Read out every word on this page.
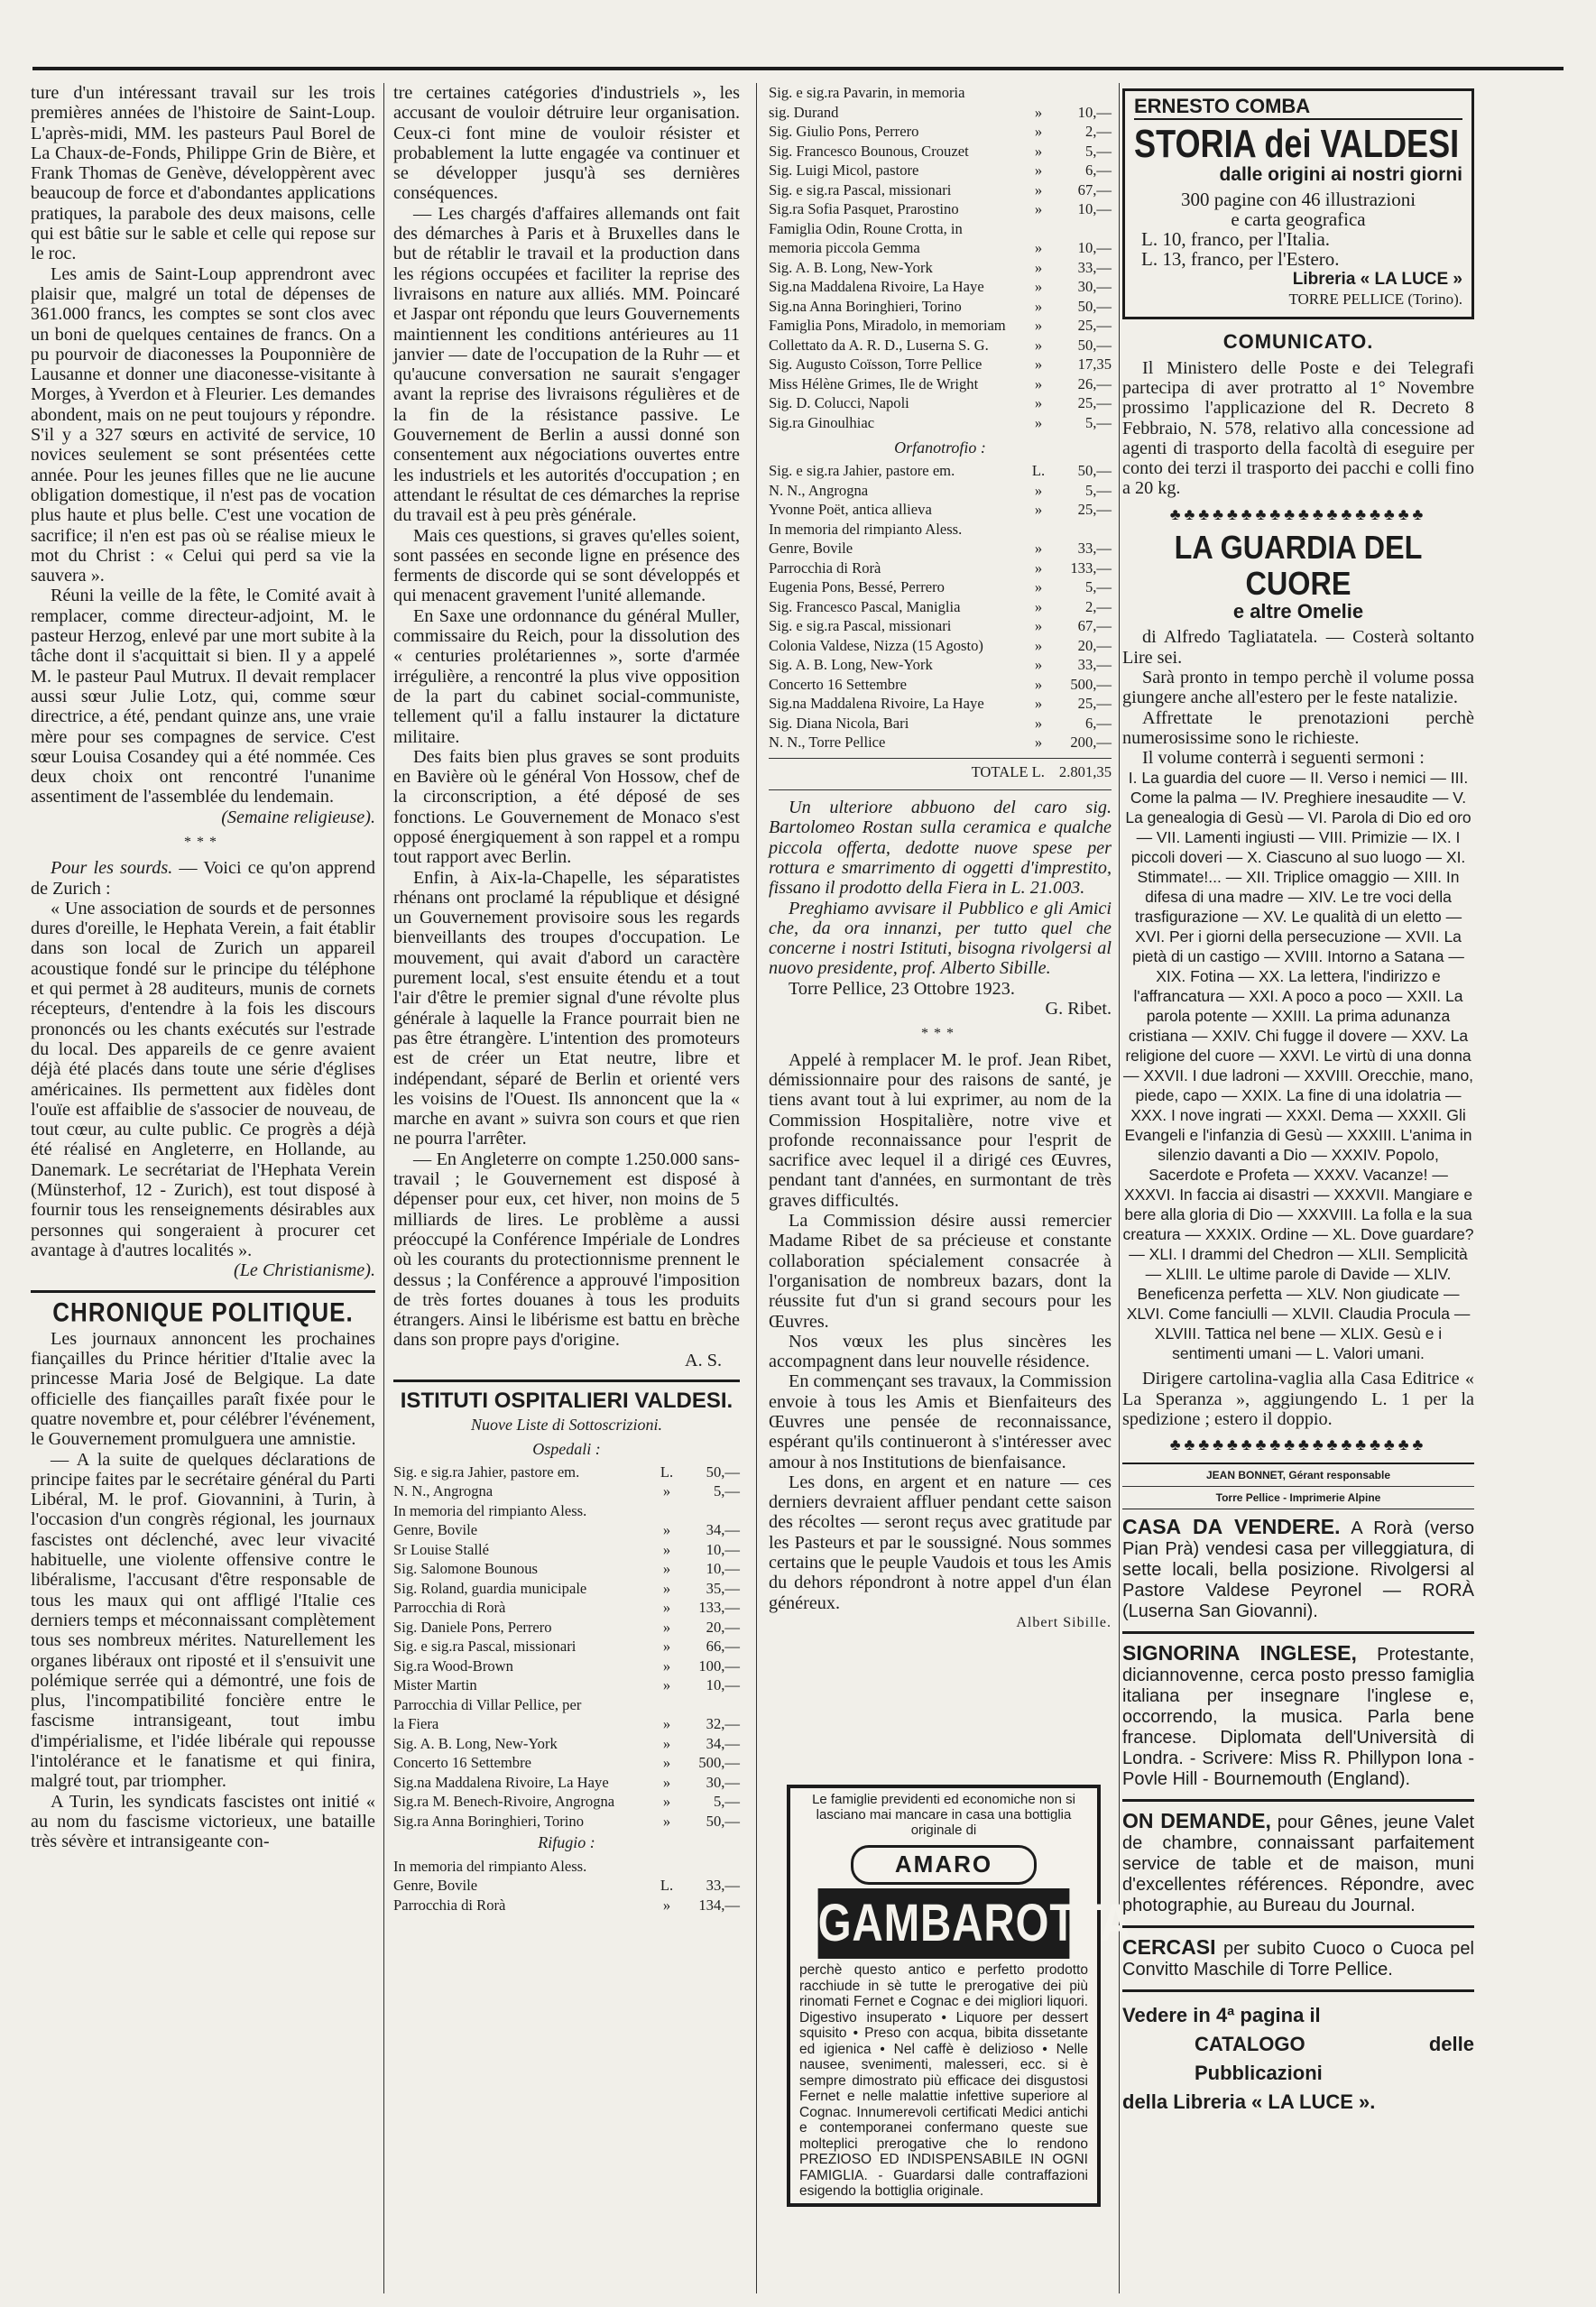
ture d'un intéressant travail sur les trois premières années de l'histoire de Saint-Loup. L'après-midi, MM. les pasteurs Paul Borel de La Chaux-de-Fonds, Philippe Grin de Bière, et Frank Thomas de Genève, développèrent avec beaucoup de force et d'abondantes applications pratiques, la parabole des deux maisons, celle qui est bâtie sur le sable et celle qui repose sur le roc.

Les amis de Saint-Loup apprendront avec plaisir que, malgré un total de dépenses de 361.000 francs, les comptes se sont clos avec un boni de quelques centaines de francs. On a pu pourvoir de diaconesses la Pouponnière de Lausanne et donner une diaconesse-visitante à Morges, à Yverdon et à Fleurier. Les demandes abondent, mais on ne peut toujours y répondre. S'il y a 327 sœurs en activité de service, 10 novices seulement se sont présentées cette année. Pour les jeunes filles que ne lie aucune obligation domestique, il n'est pas de vocation plus haute et plus belle. C'est une vocation de sacrifice; il n'en est pas où se réalise mieux le mot du Christ : « Celui qui perd sa vie la sauvera ».

Réuni la veille de la fête, le Comité avait à remplacer, comme directeur-adjoint, M. le pasteur Herzog, enlevé par une mort subite à la tâche dont il s'acquittait si bien. Il y a appelé M. le pasteur Paul Mutrux. Il devait remplacer aussi sœur Julie Lotz, qui, comme sœur directrice, a été, pendant quinze ans, une vraie mère pour ses compagnes de service. C'est sœur Louisa Cosandey qui a été nommée. Ces deux choix ont rencontré l'unanime assentiment de l'assemblée du lendemain.

(Semaine religieuse).
***

Pour les sourds. — Voici ce qu'on apprend de Zurich :

« Une association de sourds et de personnes dures d'oreille, le Hephata Verein, a fait établir dans son local de Zurich un appareil acoustique fondé sur le principe du téléphone et qui permet à 28 auditeurs, munis de cornets récepteurs, d'entendre à la fois les discours prononcés ou les chants exécutés sur l'estrade du local. Des appareils de ce genre avaient déjà été placés dans toute une série d'églises américaines. Ils permettent aux fidèles dont l'ouïe est affaiblie de s'associer de nouveau, de tout cœur, au culte public. Ce progrès a déjà été réalisé en Angleterre, en Hollande, au Danemark. Le secrétariat de l'Hephata Verein (Münsterhof, 12 - Zurich), est tout disposé à fournir tous les renseignements désirables aux personnes qui songeraient à procurer cet avantage à d'autres localités ».

(Le Christianisme).
CHRONIQUE POLITIQUE.

Les journaux annoncent les prochaines fiançailles du Prince héritier d'Italie avec la princesse Maria José de Belgique. La date officielle des fiançailles paraît fixée pour le quatre novembre et, pour célébrer l'événement, le Gouvernement promulguera une amnistie.

— A la suite de quelques déclarations de principe faites par le secrétaire général du Parti Libéral, M. le prof. Giovannini, à Turin, à l'occasion d'un congrès régional, les journaux fascistes ont déclenché, avec leur vivacité habituelle, une violente offensive contre le libéralisme, l'accusant d'être responsable de tous les maux qui ont affligé l'Italie ces derniers temps et méconnaissant complètement tous ses nombreux mérites. Naturellement les organes libéraux ont riposté et il s'ensuivit une polémique serrée qui a démontré, une fois de plus, l'incompatibilité foncière entre le fascisme intransigeant, tout imbu d'impérialisme, et l'idée libérale qui repousse l'intolérance et le fanatisme et qui finira, malgré tout, par triompher.

A Turin, les syndicats fascistes ont initié « au nom du fascisme victorieux, une bataille très sévère et intransigeante con-

tre certaines catégories d'industriels », les accusant de vouloir détruire leur organisation. Ceux-ci font mine de vouloir résister et probablement la lutte engagée va continuer et se développer jusqu'à ses dernières conséquences.

— Les chargés d'affaires allemands ont fait des démarches à Paris et à Bruxelles dans le but de rétablir le travail et la production dans les régions occupées et faciliter la reprise des livraisons en nature aux alliés. MM. Poincaré et Jaspar ont répondu que leurs Gouvernements maintiennent les conditions antérieures au 11 janvier — date de l'occupation de la Ruhr — et qu'aucune conversation ne saurait s'engager avant la reprise des livraisons régulières et de la fin de la résistance passive. Le Gouvernement de Berlin a aussi donné son consentement aux négociations ouvertes entre les industriels et les autorités d'occupation ; en attendant le résultat de ces démarches la reprise du travail est à peu près générale.

Mais ces questions, si graves qu'elles soient, sont passées en seconde ligne en présence des ferments de discorde qui se sont développés et qui menacent gravement l'unité allemande.

En Saxe une ordonnance du général Muller, commissaire du Reich, pour la dissolution des « centuries prolétariennes », sorte d'armée irrégulière, a rencontré la plus vive opposition de la part du cabinet social-communiste, tellement qu'il a fallu instaurer la dictature militaire.

Des faits bien plus graves se sont produits en Bavière où le général Von Hossow, chef de la circonscription, a été déposé de ses fonctions. Le Gouvernement de Monaco s'est opposé énergiquement à son rappel et a rompu tout rapport avec Berlin.

Enfin, à Aix-la-Chapelle, les séparatistes rhénans ont proclamé la république et désigné un Gouvernement provisoire sous les regards bienveillants des troupes d'occupation. Le mouvement, qui avait d'abord un caractère purement local, s'est ensuite étendu et a tout l'air d'être le premier signal d'une révolte plus générale à laquelle la France pourrait bien ne pas être étrangère. L'intention des promoteurs est de créer un Etat neutre, libre et indépendant, séparé de Berlin et orienté vers les voisins de l'Ouest. Ils annoncent que la « marche en avant » suivra son cours et que rien ne pourra l'arrêter.

— En Angleterre on compte 1.250.000 sans-travail ; le Gouvernement est disposé à dépenser pour eux, cet hiver, non moins de 5 milliards de lires. Le problème a aussi préoccupé la Conférence Impériale de Londres où les courants du protectionnisme prennent le dessus ; la Conférence a approuvé l'imposition de très fortes douanes à tous les produits étrangers. Ainsi le libérisme est battu en brèche dans son propre pays d'origine.

A. S.
ISTITUTI OSPITALIERI VALDESI.
Nuove Liste di Sottoscrizioni.
Ospedali :
Sig. e sig.ra Jahier, pastore em.	L.	50,—
N. N., Angrogna	»	5,—
In memoria del rimpianto Aless.
Genre, Bovile	»	34,—
Sr Louise Stallé	»	10,—
Sig. Salomone Bounous	»	10,—
Sig. Roland, guardia municipale	»	35,—
Parrocchia di Rorà	»	133,—
Sig. Daniele Pons, Perrero	»	20,—
Sig. e sig.ra Pascal, missionari	»	66,—
Sig.ra Wood-Brown	»	100,—
Mister Martin	»	10,—
Parrocchia di Villar Pellice, per
la Fiera	»	32,—
Sig. A. B. Long, New-York	»	34,—
Concerto 16 Settembre	»	500,—
Sig.na Maddalena Rivoire, La Haye	»	30,—
Sig.ra M. Benech-Rivoire, Angrogna	»	5,—
Sig.ra Anna Boringhieri, Torino	»	50,—
Rifugio :
In memoria del rimpianto Aless.
Genre, Bovile	L.	33,—
Parrocchia di Rorà	»	134,—
Sig. e sig.ra Pavarin, in memoria
sig. Durand	»	10,—
Sig. Giulio Pons, Perrero	»	2,—
Sig. Francesco Bounous, Crouzet	»	5,—
Sig. Luigi Micol, pastore	»	6,—
Sig. e sig.ra Pascal, missionari	»	67,—
Sig.ra Sofia Pasquet, Prarostino	»	10,—
Famiglia Odin, Roune Crotta, in
memoria piccola Gemma	»	10,—
Sig. A. B. Long, New-York	»	33,—
Sig.na Maddalena Rivoire, La Haye	»	30,—
Sig.na Anna Boringhieri, Torino	»	50,—
Famiglia Pons, Miradolo, in memoriam	»	25,—
Collettato da A. R. D., Luserna S. G.	»	50,—
Sig. Augusto Coïsson, Torre Pellice	»	17,35
Miss Hélène Grimes, Ile de Wright	»	26,—
Sig. D. Colucci, Napoli	»	25,—
Sig.ra Ginoulhiac	»	5,—
Orfanotrofio :
Sig. e sig.ra Jahier, pastore em.	L.	50,—
N. N., Angrogna	»	5,—
Yvonne Poët, antica allieva	»	25,—
In memoria del rimpianto Aless.
Genre, Bovile	»	33,—
Parrocchia di Rorà	»	133,—
Eugenia Pons, Bessé, Perrero	»	5,—
Sig. Francesco Pascal, Maniglia	»	2,—
Sig. e sig.ra Pascal, missionari	»	67,—
Colonia Valdese, Nizza (15 Agosto)	»	20,—
Sig. A. B. Long, New-York	»	33,—
Concerto 16 Settembre	»	500,—
Sig.na Maddalena Rivoire, La Haye	»	25,—
Sig. Diana Nicola, Bari	»	6,—
N. N., Torre Pellice	»	200,—
TOTALE L. 2.801,35

Un ulteriore abbuono del caro sig. Bartolomeo Rostan sulla ceramica e qualche piccola offerta, dedotte nuove spese per rottura e smarrimento di oggetti d'imprestito, fissano il prodotto della Fiera in L. 21.003.

Preghiamo avvisare il Pubblico e gli Amici che, da ora innanzi, per tutto quel che concerne i nostri Istituti, bisogna rivolgersi al nuovo presidente, prof. Alberto Sibille.

Torre Pellice, 23 Ottobre 1923.

G. Ribet.
***

Appelé à remplacer M. le prof. Jean Ribet, démissionnaire pour des raisons de santé, je tiens avant tout à lui exprimer, au nom de la Commission Hospitalière, notre vive et profonde reconnaissance pour l'esprit de sacrifice avec lequel il a dirigé ces Œuvres, pendant tant d'années, en surmontant de très graves difficultés.

La Commission désire aussi remercier Madame Ribet de sa précieuse et constante collaboration spécialement consacrée à l'organisation de nombreux bazars, dont la réussite fut d'un si grand secours pour les Œuvres.

Nos vœux les plus sincères les accompagnent dans leur nouvelle résidence.

En commençant ses travaux, la Commission envoie à tous les Amis et Bienfaiteurs des Œuvres une pensée de reconnaissance, espérant qu'ils continueront à s'intéresser avec amour à nos Institutions de bienfaisance.

Les dons, en argent et en nature — ces derniers devraient affluer pendant cette saison des récoltes — seront reçus avec gratitude par les Pasteurs et par le soussigné. Nous sommes certains que le peuple Vaudois et tous les Amis du dehors répondront à notre appel d'un élan généreux.

Albert Sibille.
Le famiglie previdenti ed economiche non si lasciano mai mancare in casa una bottiglia originale di
AMARO
GAMBAROTTA
perchè questo antico e perfetto prodotto racchiude in sè tutte le prerogative dei più rinomati Fernet e Cognac e dei migliori liquori. Digestivo insuperato • Liquore per dessert squisito • Preso con acqua, bibita dissetante ed igienica • Nel caffè è delizioso • Nelle nausee, svenimenti, malesseri, ecc. si è sempre dimostrato più efficace dei disgustosi Fernet e nelle malattie infettive superiore al Cognac. Innumerevoli certificati Medici antichi e contemporanei confermano queste sue molteplici prerogative che lo rendono PREZIOSO ED INDISPENSABILE IN OGNI FAMIGLIA. - Guardarsi dalle contraffazioni esigendo la bottiglia originale.
ERNESTO COMBA
STORIA dei VALDESI
dalle origini ai nostri giorni
300 pagine con 46 illustrazioni
e carta geografica
L. 10, franco, per l'Italia.
L. 13, franco, per l'Estero.
Libreria « LA LUCE »
TORRE PELLICE (Torino).
COMUNICATO.

Il Ministero delle Poste e dei Telegrafi partecipa di aver protratto al 1° Novembre prossimo l'applicazione del R. Decreto 8 Febbraio, N. 578, relativo alla concessione ad agenti di trasporto della facoltà di eseguire per conto dei terzi il trasporto dei pacchi e colli fino a 20 kg.

♣♣♣♣♣♣♣♣♣♣♣♣♣♣♣♣♣♣
LA GUARDIA DEL CUORE
e altre Omelie

di Alfredo Tagliatatela. — Costerà soltanto Lire sei.

Sarà pronto in tempo perchè il volume possa giungere anche all'estero per le feste natalizie.

Affrettate le prenotazioni perchè numerosissime sono le richieste.

Il volume conterrà i seguenti sermoni :

I. La guardia del cuore — II. Verso i nemici — III. Come la palma — IV. Preghiere inesaudite — V. La genealogia di Gesù — VI. Parola di Dio ed oro — VII. Lamenti ingiusti — VIII. Primizie — IX. I piccoli doveri — X. Ciascuno al suo luogo — XI. Stimmate!... — XII. Triplice omaggio — XIII. In difesa di una madre — XIV. Le tre voci della trasfigurazione — XV. Le qualità di un eletto — XVI. Per i giorni della persecuzione — XVII. La pietà di un castigo — XVIII. Intorno a Satana — XIX. Fotina — XX. La lettera, l'indirizzo e l'affrancatura — XXI. A poco a poco — XXII. La parola potente — XXIII. La prima adunanza cristiana — XXIV. Chi fugge il dovere — XXV. La religione del cuore — XXVI. Le virtù di una donna — XXVII. I due ladroni — XXVIII. Orecchie, mano, piede, capo — XXIX. La fine di una idolatria — XXX. I nove ingrati — XXXI. Dema — XXXII. Gli Evangeli e l'infanzia di Gesù — XXXIII. L'anima in silenzio davanti a Dio — XXXIV. Popolo, Sacerdote e Profeta — XXXV. Vacanze! — XXXVI. In faccia ai disastri — XXXVII. Mangiare e bere alla gloria di Dio — XXXVIII. La folla e la sua creatura — XXXIX. Ordine — XL. Dove guardare? — XLI. I drammi del Chedron — XLII. Semplicità — XLIII. Le ultime parole di Davide — XLIV. Beneficenza perfetta — XLV. Non giudicate — XLVI. Come fanciulli — XLVII. Claudia Procula — XLVIII. Tattica nel bene — XLIX. Gesù e i sentimenti umani — L. Valori umani.

Dirigere cartolina-vaglia alla Casa Editrice « La Speranza », aggiungendo L. 1 per la spedizione ; estero il doppio.

♣♣♣♣♣♣♣♣♣♣♣♣♣♣♣♣♣♣
JEAN BONNET, Gérant responsable
Torre Pellice - Imprimerie Alpine
CASA DA VENDERE. A Rorà (verso Pian Prà) vendesi casa per villeggiatura, di sette locali, bella posizione. Rivolgersi al Pastore Valdese Peyronel — RORÀ (Luserna San Giovanni).
SIGNORINA INGLESE, Protestante, diciannovenne, cerca posto presso famiglia italiana per insegnare l'inglese e, occorrendo, la musica. Parla bene francese. Diplomata dell'Università di Londra. - Scrivere: Miss R. Phillypon Iona - Povle Hill - Bournemouth (England).
ON DEMANDE, pour Gênes, jeune Valet de chambre, connaissant parfaitement service de table et de maison, muni d'excellentes références. Répondre, avec photographie, au Bureau du Journal.
CERCASI per subito Cuoco o Cuoca pel Convitto Maschile di Torre Pellice.
Vedere in 4ª pagina il
CATALOGO delle Pubblicazioni
della Libreria « LA LUCE ».
